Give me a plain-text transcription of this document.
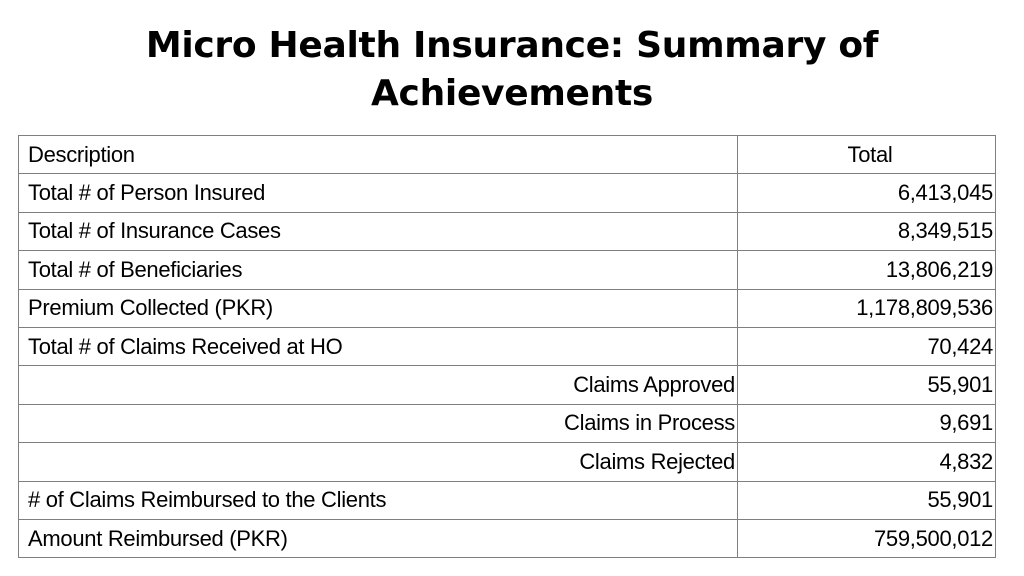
Micro Health Insurance: Summary of
Achievements
Description	Total
Total # of Person Insured	6,413,045
Total # of Insurance Cases	8,349,515
Total # of Beneficiaries	13,806,219
Premium Collected (PKR)	1,178,809,536
Total # of Claims Received at HO	70,424
Claims Approved	55,901
Claims in Process	9,691
Claims Rejected	4,832
# of Claims Reimbursed to the Clients	55,901
Amount Reimbursed (PKR)	759,500,012
